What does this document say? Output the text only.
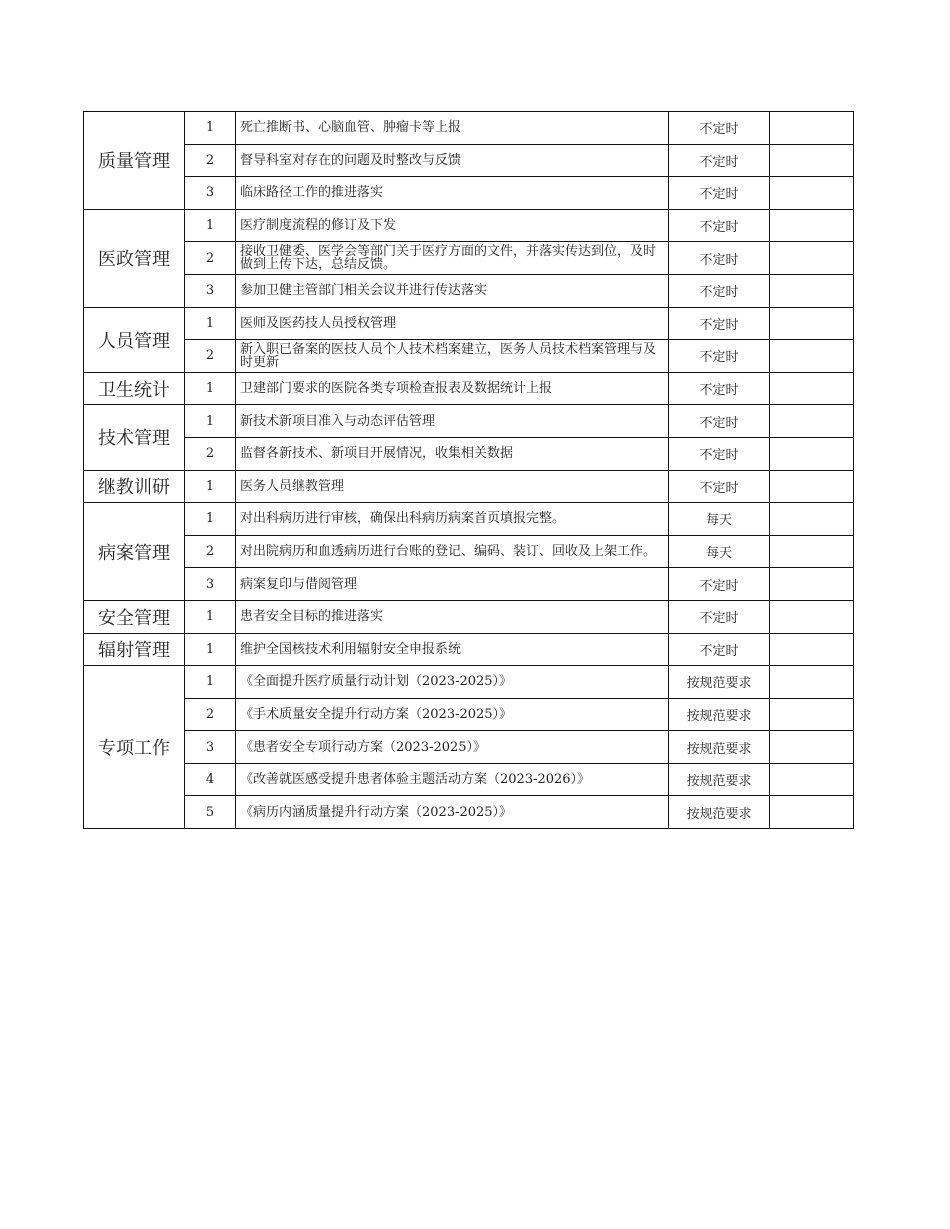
质量管理	1	死亡推断书、心脑血管、肿瘤卡等上报	不定时	
	2	督导科室对存在的问题及时整改与反馈	不定时	
	3	临床路径工作的推进落实	不定时	
医政管理	1	医疗制度流程的修订及下发	不定时	
	2	接收卫健委、医学会等部门关于医疗方面的文件，并落实传达到位，及时做到上传下达，总结反馈。	不定时	
	3	参加卫健主管部门相关会议并进行传达落实	不定时	
人员管理	1	医师及医药技人员授权管理	不定时	
	2	新入职已备案的医技人员个人技术档案建立，医务人员技术档案管理与及时更新	不定时	
卫生统计	1	卫建部门要求的医院各类专项检查报表及数据统计上报	不定时	
技术管理	1	新技术新项目准入与动态评估管理	不定时	
	2	监督各新技术、新项目开展情况，收集相关数据	不定时	
继教训研	1	医务人员继教管理	不定时	
病案管理	1	对出科病历进行审核，确保出科病历病案首页填报完整。	每天	
	2	对出院病历和血透病历进行台账的登记、编码、装订、回收及上架工作。	每天	
	3	病案复印与借阅管理	不定时	
安全管理	1	患者安全目标的推进落实	不定时	
辐射管理	1	维护全国核技术利用辐射安全申报系统	不定时	
专项工作	1	《全面提升医疗质量行动计划（2023-2025）》	按规范要求	
	2	《手术质量安全提升行动方案（2023-2025）》	按规范要求	
	3	《患者安全专项行动方案（2023-2025）》	按规范要求	
	4	《改善就医感受提升患者体验主题活动方案（2023-2026）》	按规范要求	
	5	《病历内涵质量提升行动方案（2023-2025）》	按规范要求	
